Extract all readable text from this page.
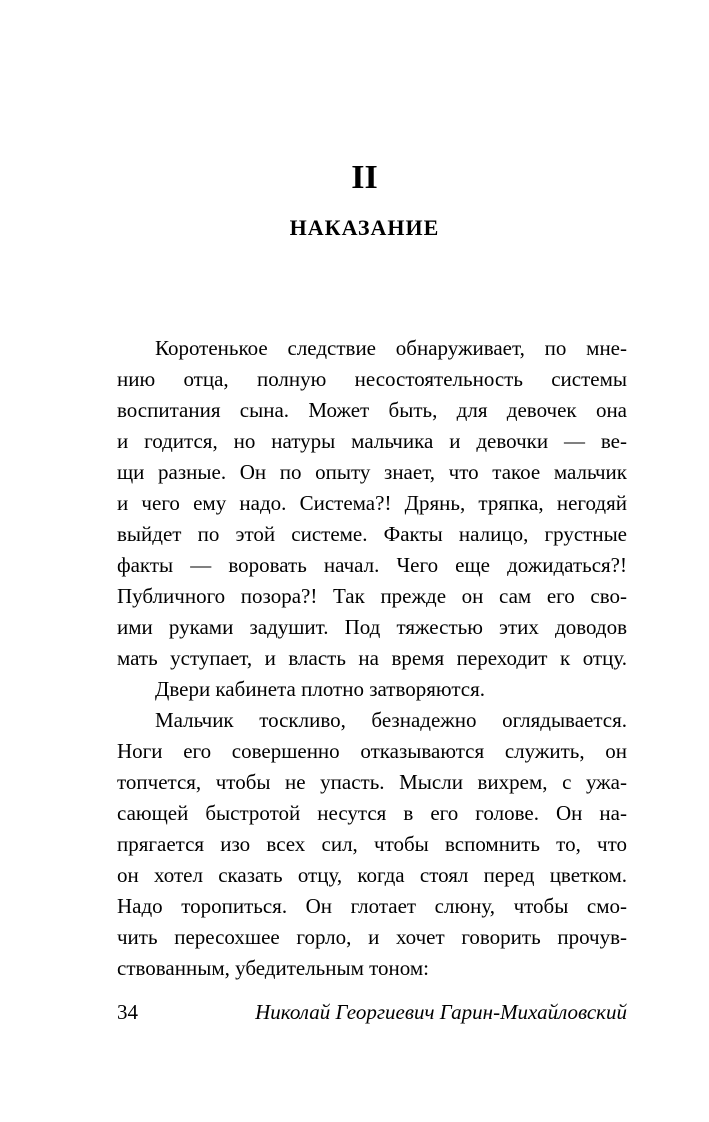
II
НАКАЗАНИЕ
Коротенькое следствие обнаруживает, по мне-
нию отца, полную несостоятельность системы
воспитания сына. Может быть, для девочек она
и годится, но натуры мальчика и девочки — ве-
щи разные. Он по опыту знает, что такое мальчик
и чего ему надо. Система?! Дрянь, тряпка, негодяй
выйдет по этой системе. Факты налицо, грустные
факты — воровать начал. Чего еще дожидаться?!
Публичного позора?! Так прежде он сам его сво-
ими руками задушит. Под тяжестью этих доводов
мать уступает, и власть на время переходит к отцу.
Двери кабинета плотно затворяются.
Мальчик тоскливо, безнадежно оглядывается.
Ноги его совершенно отказываются служить, он
топчется, чтобы не упасть. Мысли вихрем, с ужа-
сающей быстротой несутся в его голове. Он на-
прягается изо всех сил, чтобы вспомнить то, что
он хотел сказать отцу, когда стоял перед цветком.
Надо торопиться. Он глотает слюну, чтобы смо-
чить пересохшее горло, и хочет говорить прочув-
ствованным, убедительным тоном:
34	Николай Георгиевич Гарин-Михайловский
